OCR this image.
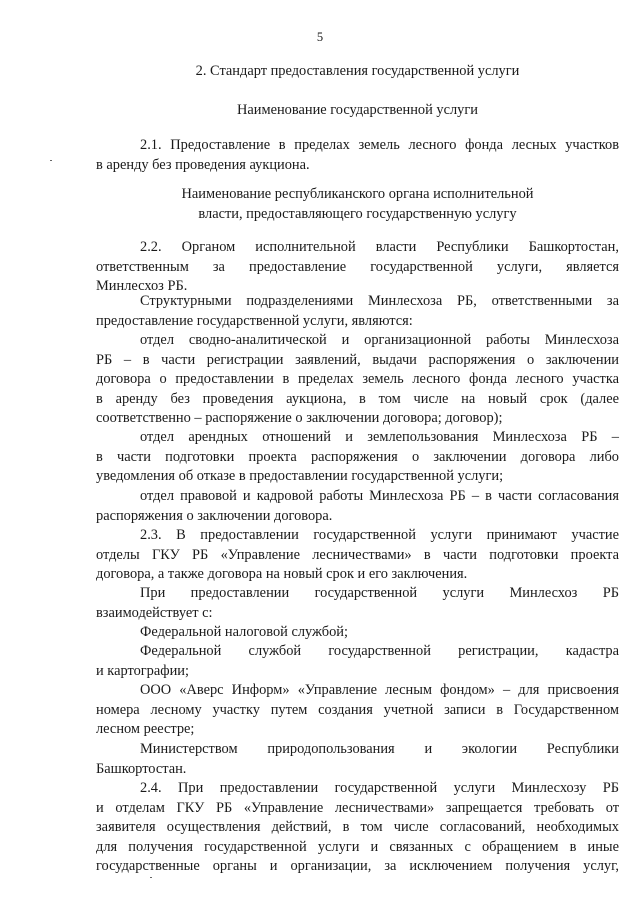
5

2. Стандарт предоставления государственной услуги

Наименование государственной услуги

2.1. Предоставление в пределах земель лесного фонда лесных участков

в аренду без проведения аукциона.

Наименование республиканского органа исполнительной

власти, предоставляющего государственную услугу

2.2. Органом исполнительной власти Республики Башкортостан,

ответственным за предоставление государственной услуги, является

Минлесхоз РБ.

Структурными подразделениями Минлесхоза РБ, ответственными за

предоставление государственной услуги, являются:

отдел сводно-аналитической и организационной работы Минлесхоза

РБ – в части регистрации заявлений, выдачи распоряжения о заключении

договора о предоставлении в пределах земель лесного фонда лесного участка

в аренду без проведения аукциона, в том числе на новый срок (далее

соответственно – распоряжение о заключении договора; договор);

отдел арендных отношений и землепользования Минлесхоза РБ –

в части подготовки проекта распоряжения о заключении договора либо

уведомления об отказе в предоставлении государственной услуги;

отдел правовой и кадровой работы Минлесхоза РБ – в части согласования

распоряжения о заключении договора.

2.3. В предоставлении государственной услуги принимают участие

отделы ГКУ РБ «Управление лесничествами» в части подготовки проекта

договора, а также договора на новый срок и его заключения.

При предоставлении государственной услуги Минлесхоз РБ

взаимодействует с:

Федеральной налоговой службой;

Федеральной службой государственной регистрации, кадастра

и картографии;

ООО «Аверс Информ» «Управление лесным фондом» – для присвоения

номера лесному участку путем создания учетной записи в Государственном

лесном реестре;

Министерством природопользования и экологии Республики

Башкортостан.

2.4. При предоставлении государственной услуги Минлесхозу РБ

и отделам ГКУ РБ «Управление лесничествами» запрещается требовать от

заявителя осуществления действий, в том числе согласований, необходимых

для получения государственной услуги и связанных с обращением в иные

государственные органы и организации, за исключением получения услуг,
